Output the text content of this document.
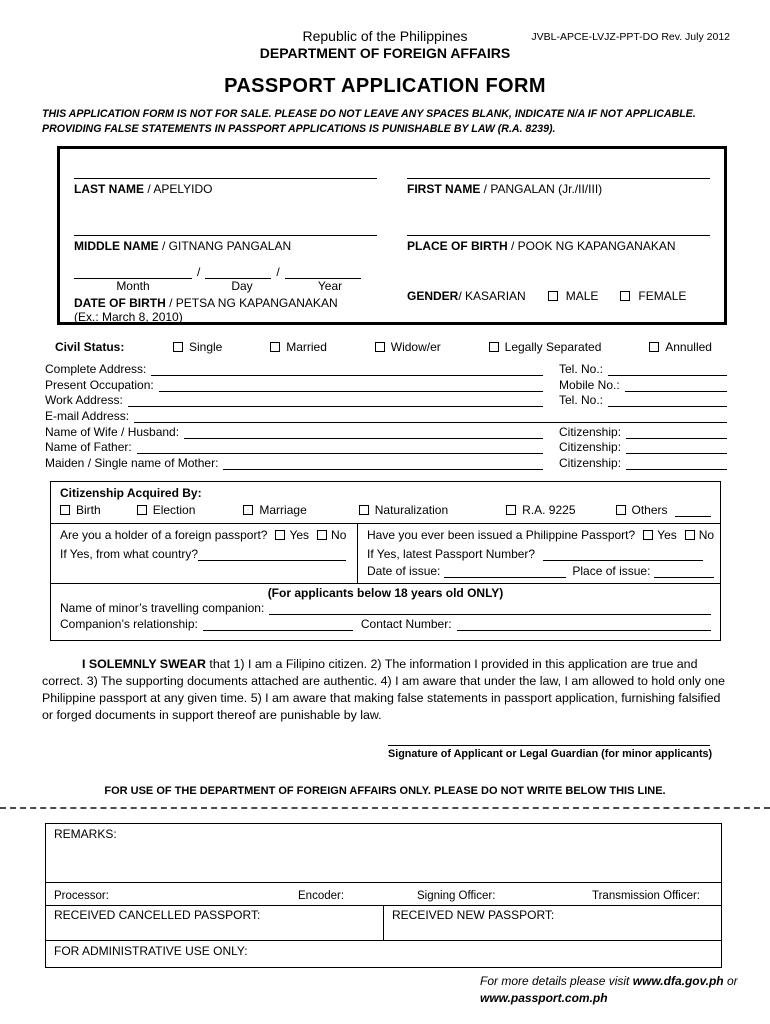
JVBL-APCE-LVJZ-PPT-DO Rev. July 2012
Republic of the Philippines
DEPARTMENT OF FOREIGN AFFAIRS
PASSPORT APPLICATION FORM
THIS APPLICATION FORM IS NOT FOR SALE. PLEASE DO NOT LEAVE ANY SPACES BLANK, INDICATE N/A IF NOT APPLICABLE. PROVIDING FALSE STATEMENTS IN PASSPORT APPLICATIONS IS PUNISHABLE BY LAW (R.A. 8239).
LAST NAME / APELYIDO	FIRST NAME / PANGALAN (Jr./II/III)
MIDDLE NAME / GITNANG PANGALAN	PLACE OF BIRTH / POOK NG KAPANGANAKAN
/	/
Month	Day	Year
DATE OF BIRTH / PETSA NG KAPANGANAKAN
(Ex.: March 8, 2010)
GENDER / KASARIAN	MALE	FEMALE
Civil Status:	Single	Married	Widow/er	Legally Separated	Annulled
Complete Address:	Tel. No.:
Present Occupation:	Mobile No.:
Work Address:	Tel. No.:
E-mail Address:
Name of Wife / Husband:	Citizenship:
Name of Father:	Citizenship:
Maiden / Single name of Mother:	Citizenship:
Citizenship Acquired By:
Birth	Election	Marriage	Naturalization	R.A. 9225	Others
Are you a holder of a foreign passport? Yes No
If Yes, from what country?
Have you ever been issued a Philippine Passport? Yes No
If Yes, latest Passport Number?
Date of issue:	Place of issue:
(For applicants below 18 years old ONLY)
Name of minor’s travelling companion:
Companion’s relationship:	Contact Number:

I SOLEMNLY SWEAR that 1) I am a Filipino citizen. 2) The information I provided in this application are true and correct. 3) The supporting documents attached are authentic. 4) I am aware that under the law, I am allowed to hold only one Philippine passport at any given time. 5) I am aware that making false statements in passport application, furnishing falsified or forged documents in support thereof are punishable by law.

Signature of Applicant or Legal Guardian (for minor applicants)
FOR USE OF THE DEPARTMENT OF FOREIGN AFFAIRS ONLY. PLEASE DO NOT WRITE BELOW THIS LINE.
REMARKS:
Processor:	Encoder:	Signing Officer:	Transmission Officer:
RECEIVED CANCELLED PASSPORT:	RECEIVED NEW PASSPORT:
FOR ADMINISTRATIVE USE ONLY:
For more details please visit www.dfa.gov.ph or
www.passport.com.ph
